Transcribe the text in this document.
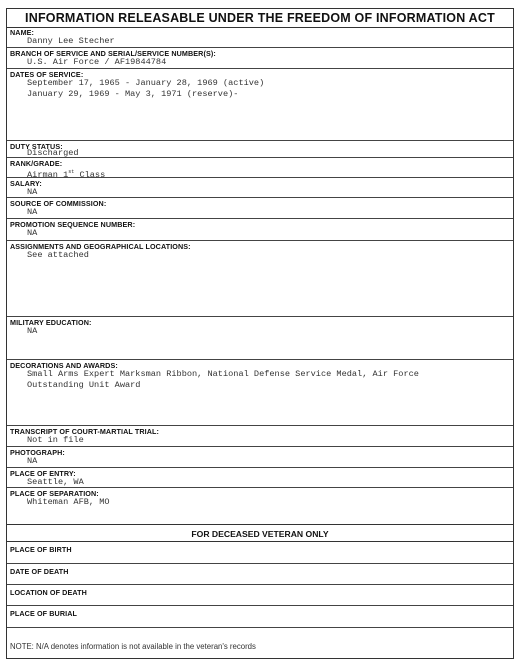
INFORMATION RELEASABLE UNDER THE FREEDOM OF INFORMATION ACT
NAME:
Danny Lee Stecher
BRANCH OF SERVICE AND SERIAL/SERVICE NUMBER(S):
U.S. Air Force / AF19844784
DATES OF SERVICE:
September 17, 1965 - January 28, 1969 (active)
January 29, 1969 - May 3, 1971 (reserve)-
DUTY STATUS:
Discharged
RANK/GRADE:
Airman 1st Class
SALARY:
NA
SOURCE OF COMMISSION:
NA
PROMOTION SEQUENCE NUMBER:
NA
ASSIGNMENTS AND GEOGRAPHICAL LOCATIONS:
See attached
MILITARY EDUCATION:
NA
DECORATIONS AND AWARDS:
Small Arms Expert Marksman Ribbon, National Defense Service Medal, Air Force
Outstanding Unit Award
TRANSCRIPT OF COURT-MARTIAL TRIAL:
Not in file
PHOTOGRAPH:
NA
PLACE OF ENTRY:
Seattle, WA
PLACE OF SEPARATION:
Whiteman AFB, MO
FOR DECEASED VETERAN ONLY
PLACE OF BIRTH
DATE OF DEATH
LOCATION OF DEATH
PLACE OF BURIAL
NOTE: N/A denotes information is not available in the veteran's records
